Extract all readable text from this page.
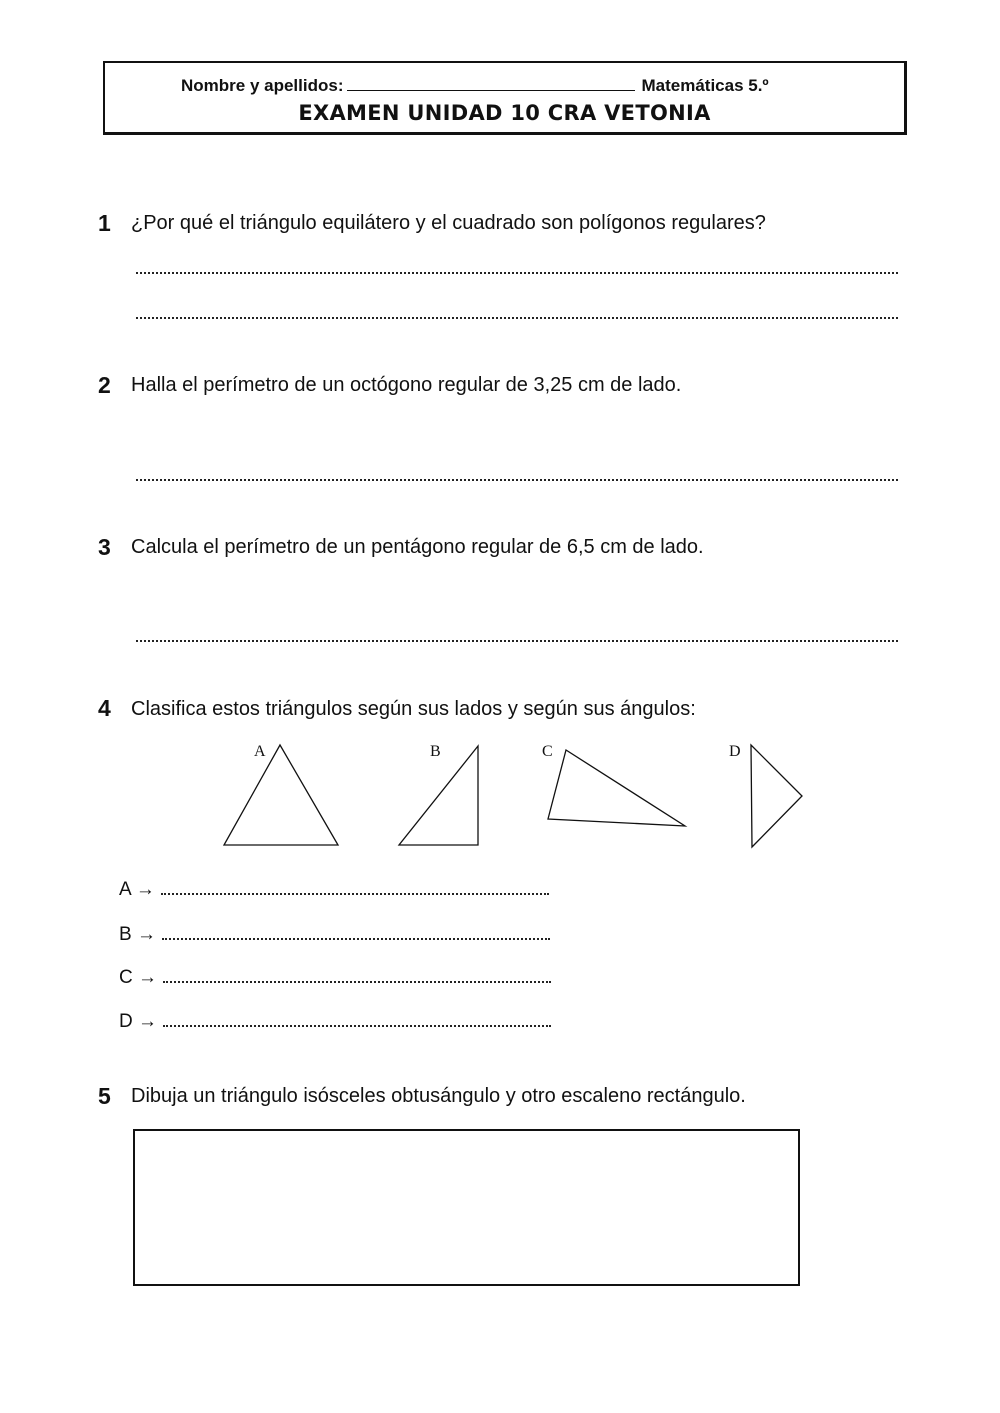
Nombre y apellidos:	Matemáticas 5.º
EXAMEN UNIDAD 10 CRA VETONIA
1 ¿Por qué el triángulo equilátero y el cuadrado son polígonos regulares?
2 Halla el perímetro de un octógono regular de 3,25 cm de lado.
3 Calcula el perímetro de un pentágono regular de 6,5 cm de lado.
4 Clasifica estos triángulos según sus lados y según sus ángulos:
A	B	C	D
A →
B →
C →
D →
5 Dibuja un triángulo isósceles obtusángulo y otro escaleno rectángulo.
